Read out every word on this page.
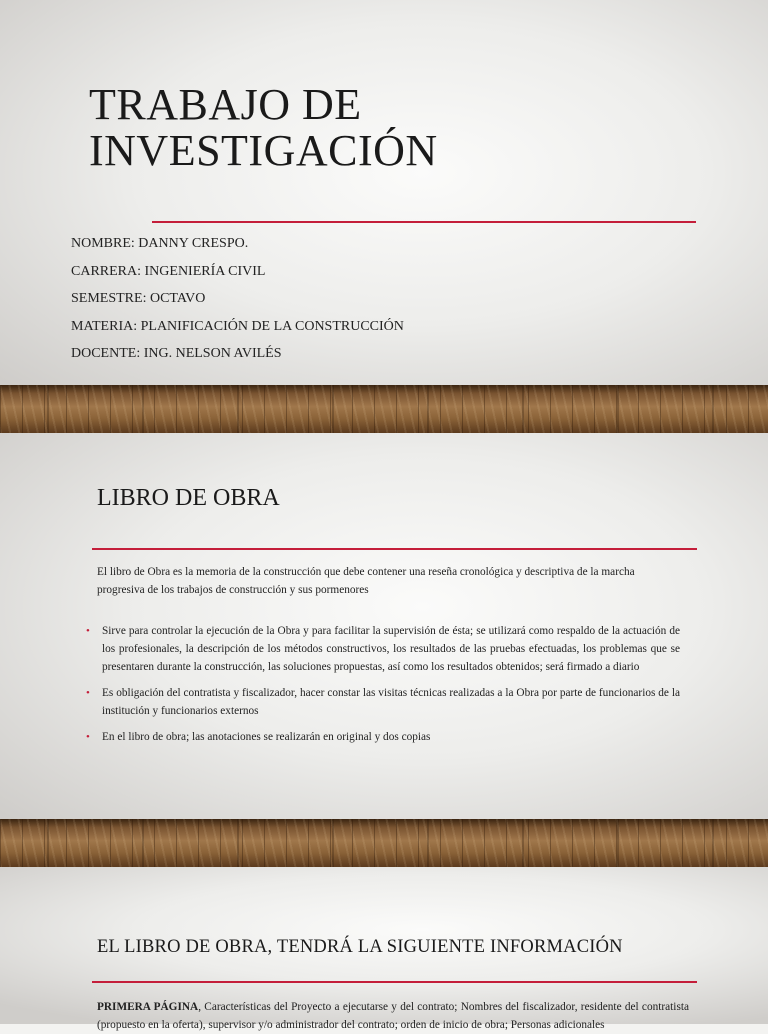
TRABAJO DE
INVESTIGACIÓN
NOMBRE: DANNY CRESPO.
CARRERA: INGENIERÍA CIVIL
SEMESTRE: OCTAVO
MATERIA: PLANIFICACIÓN DE LA CONSTRUCCIÓN
DOCENTE: ING. NELSON AVILÉS
LIBRO DE OBRA

El libro de Obra es la memoria de la construcción que debe contener una reseña cronológica y descriptiva de la marcha progresiva de los trabajos de construcción y sus pormenores

• Sirve para controlar la ejecución de la Obra y para facilitar la supervisión de ésta; se utilizará como respaldo de la actuación de los profesionales, la descripción de los métodos constructivos, los resultados de las pruebas efectuadas, los problemas que se presentaren durante la construcción, las soluciones propuestas, así como los resultados obtenidos; será firmado a diario
• Es obligación del contratista y fiscalizador, hacer constar las visitas técnicas realizadas a la Obra por parte de funcionarios de la institución y funcionarios externos
• En el libro de obra; las anotaciones se realizarán en original y dos copias
EL LIBRO DE OBRA, TENDRÁ LA SIGUIENTE INFORMACIÓN

PRIMERA PÁGINA, Características del Proyecto a ejecutarse y del contrato; Nombres del fiscalizador, residente del contratista (propuesto en la oferta), supervisor y/o administrador del contrato; orden de inicio de obra; Personas adicionales
